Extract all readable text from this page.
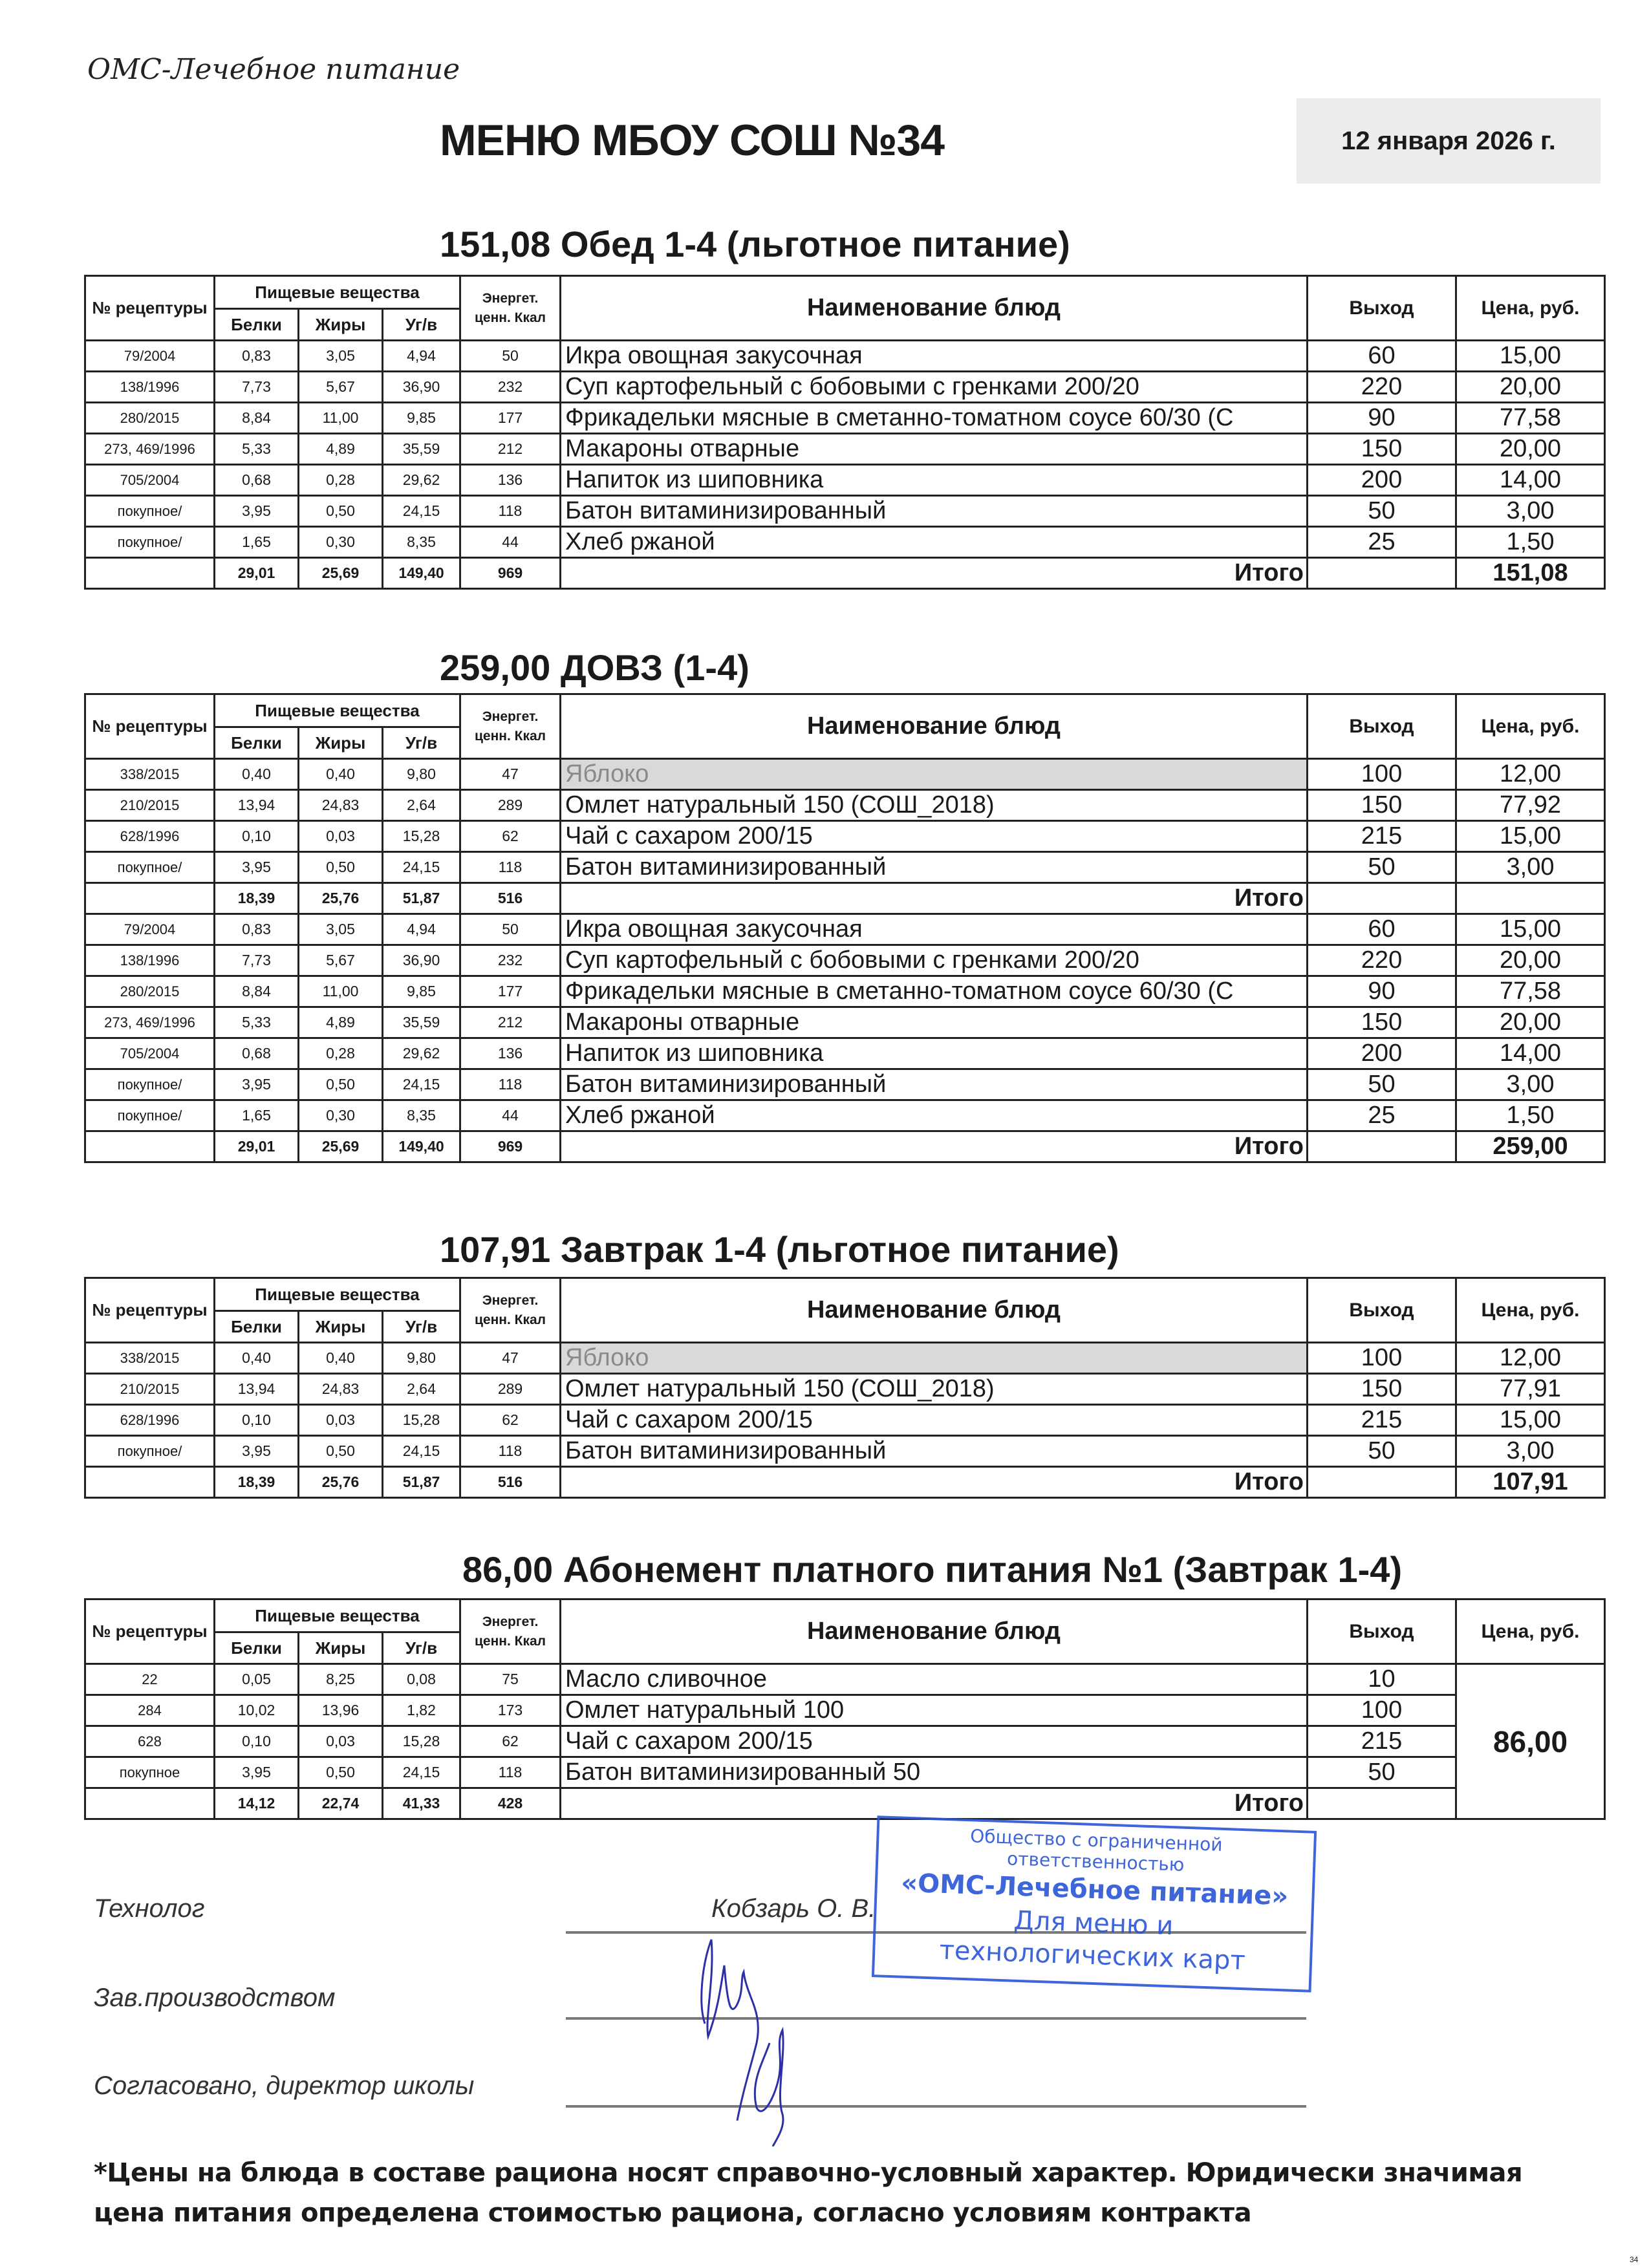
ОМС-Лечебное питание
МЕНЮ МБОУ СОШ №34	12 января 2026 г.
151,08 Обед 1-4 (льготное питание)
№ рецептуры	Пищевые вещества			Энергет.
ценн. Ккал	Наименование блюд	Выход	Цена, руб.
	Белки	Жиры	Уг/в				
79/2004	0,83	3,05	4,94	50	Икра овощная закусочная	60	15,00
138/1996	7,73	5,67	36,90	232	Суп картофельный с бобовыми с гренками 200/20	220	20,00
280/2015	8,84	11,00	9,85	177	Фрикадельки мясные в сметанно-томатном соусе 60/30 (С	90	77,58
273, 469/1996	5,33	4,89	35,59	212	Макароны отварные	150	20,00
705/2004	0,68	0,28	29,62	136	Напиток из шиповника	200	14,00
покупное/	3,95	0,50	24,15	118	Батон витаминизированный	50	3,00
покупное/	1,65	0,30	8,35	44	Хлеб ржаной	25	1,50
	29,01	25,69	149,40	969	Итого		151,08
259,00 ДОВЗ (1-4)
№ рецептуры	Пищевые вещества			Энергет.
ценн. Ккал	Наименование блюд	Выход	Цена, руб.
	Белки	Жиры	Уг/в				
338/2015	0,40	0,40	9,80	47	Яблоко	100	12,00
210/2015	13,94	24,83	2,64	289	Омлет натуральный 150 (СОШ_2018)	150	77,92
628/1996	0,10	0,03	15,28	62	Чай с сахаром 200/15	215	15,00
покупное/	3,95	0,50	24,15	118	Батон витаминизированный	50	3,00
	18,39	25,76	51,87	516	Итого		
79/2004	0,83	3,05	4,94	50	Икра овощная закусочная	60	15,00
138/1996	7,73	5,67	36,90	232	Суп картофельный с бобовыми с гренками 200/20	220	20,00
280/2015	8,84	11,00	9,85	177	Фрикадельки мясные в сметанно-томатном соусе 60/30 (С	90	77,58
273, 469/1996	5,33	4,89	35,59	212	Макароны отварные	150	20,00
705/2004	0,68	0,28	29,62	136	Напиток из шиповника	200	14,00
покупное/	3,95	0,50	24,15	118	Батон витаминизированный	50	3,00
покупное/	1,65	0,30	8,35	44	Хлеб ржаной	25	1,50
	29,01	25,69	149,40	969	Итого		259,00
107,91 Завтрак 1-4 (льготное питание)
№ рецептуры	Пищевые вещества			Энергет.
ценн. Ккал	Наименование блюд	Выход	Цена, руб.
	Белки	Жиры	Уг/в				
338/2015	0,40	0,40	9,80	47	Яблоко	100	12,00
210/2015	13,94	24,83	2,64	289	Омлет натуральный 150 (СОШ_2018)	150	77,91
628/1996	0,10	0,03	15,28	62	Чай с сахаром 200/15	215	15,00
покупное/	3,95	0,50	24,15	118	Батон витаминизированный	50	3,00
	18,39	25,76	51,87	516	Итого		107,91
86,00 Абонемент платного питания №1 (Завтрак 1-4)
№ рецептуры	Пищевые вещества			Энергет.
ценн. Ккал	Наименование блюд	Выход	Цена, руб.
	Белки	Жиры	Уг/в				
22	0,05	8,25	0,08	75	Масло сливочное	10	86,00
284	10,02	13,96	1,82	173	Омлет натуральный 100	100	
628	0,10	0,03	15,28	62	Чай с сахаром 200/15	215	
покупное	3,95	0,50	24,15	118	Батон витаминизированный 50	50	
	14,12	22,74	41,33	428	Итого		
Технолог	Кобзарь О. В.
Зав.производством
Согласовано, директор школы
Общество с ограниченной ответственностью
«ОМС-Лечебное питание»
Для меню и
технологических карт
*Цены на блюда в составе рациона носят справочно-условный характер. Юридически значимая цена питания определена стоимостью рациона, согласно условиям контракта
34
